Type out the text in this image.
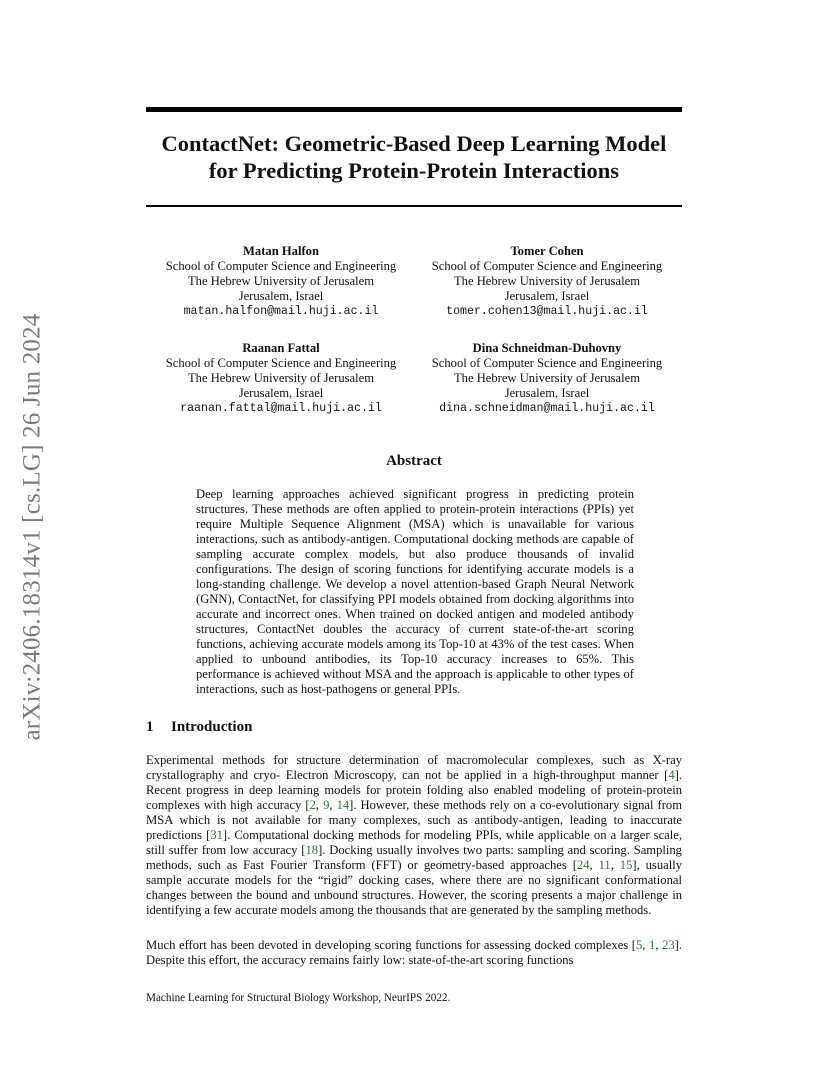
arXiv:2406.18314v1 [cs.LG] 26 Jun 2024
ContactNet: Geometric-Based Deep Learning Model
for Predicting Protein-Protein Interactions
Matan Halfon
School of Computer Science and Engineering
The Hebrew University of Jerusalem
Jerusalem, Israel
matan.halfon@mail.huji.ac.il
Tomer Cohen
School of Computer Science and Engineering
The Hebrew University of Jerusalem
Jerusalem, Israel
tomer.cohen13@mail.huji.ac.il
Raanan Fattal
School of Computer Science and Engineering
The Hebrew University of Jerusalem
Jerusalem, Israel
raanan.fattal@mail.huji.ac.il
Dina Schneidman-Duhovny
School of Computer Science and Engineering
The Hebrew University of Jerusalem
Jerusalem, Israel
dina.schneidman@mail.huji.ac.il
Abstract

Deep learning approaches achieved significant progress in predicting protein structures. These methods are often applied to protein-protein interactions (PPIs) yet require Multiple Sequence Alignment (MSA) which is unavailable for various interactions, such as antibody-antigen. Computational docking methods are capable of sampling accurate complex models, but also produce thousands of invalid configurations. The design of scoring functions for identifying accurate models is a long-standing challenge. We develop a novel attention-based Graph Neural Network (GNN), ContactNet, for classifying PPI models obtained from docking algorithms into accurate and incorrect ones. When trained on docked antigen and modeled antibody structures, ContactNet doubles the accuracy of current state-of-the-art scoring functions, achieving accurate models among its Top-10 at 43% of the test cases. When applied to unbound antibodies, its Top-10 accuracy increases to 65%. This performance is achieved without MSA and the approach is applicable to other types of interactions, such as host-pathogens or general PPIs.

1 Introduction

Experimental methods for structure determination of macromolecular complexes, such as X-ray crystallography and cryo- Electron Microscopy, can not be applied in a high-throughput manner [4]. Recent progress in deep learning models for protein folding also enabled modeling of protein-protein complexes with high accuracy [2, 9, 14]. However, these methods rely on a co-evolutionary signal from MSA which is not available for many complexes, such as antibody-antigen, leading to inaccurate predictions [31]. Computational docking methods for modeling PPIs, while applicable on a larger scale, still suffer from low accuracy [18]. Docking usually involves two parts: sampling and scoring. Sampling methods, such as Fast Fourier Transform (FFT) or geometry-based approaches [24, 11, 15], usually sample accurate models for the “rigid” docking cases, where there are no significant conformational changes between the bound and unbound structures. However, the scoring presents a major challenge in identifying a few accurate models among the thousands that are generated by the sampling methods.

Much effort has been devoted in developing scoring functions for assessing docked complexes [5, 1, 23]. Despite this effort, the accuracy remains fairly low: state-of-the-art scoring functions

Machine Learning for Structural Biology Workshop, NeurIPS 2022.
